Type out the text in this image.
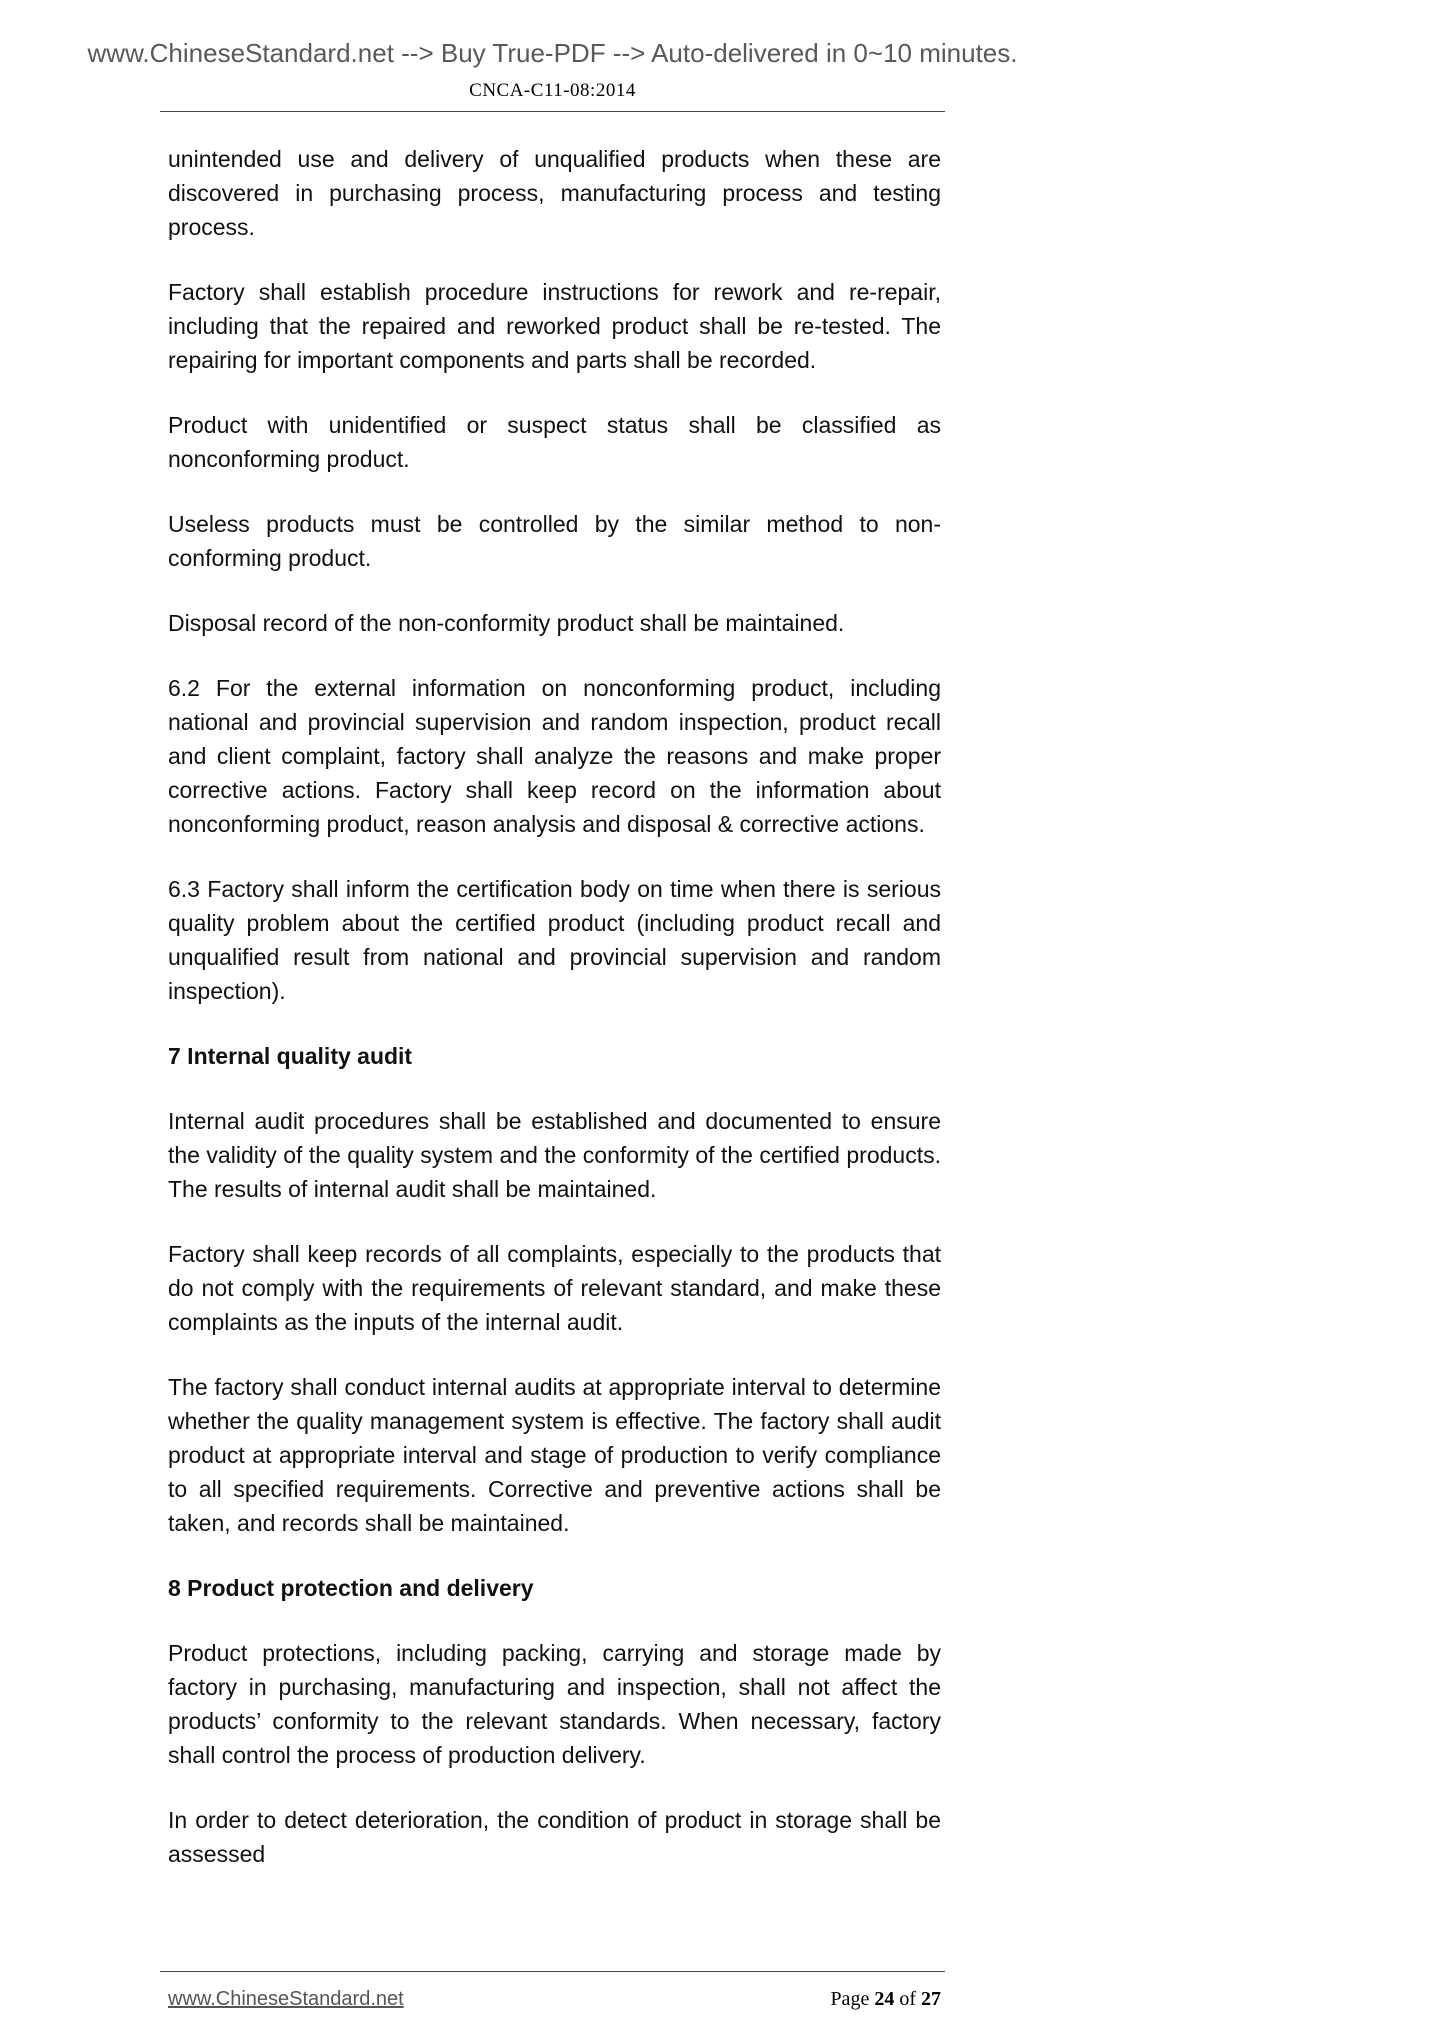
www.ChineseStandard.net --> Buy True-PDF --> Auto-delivered in 0~10 minutes.
CNCA-C11-08:2014

unintended use and delivery of unqualified products when these are discovered in purchasing process, manufacturing process and testing process.

Factory shall establish procedure instructions for rework and re-repair, including that the repaired and reworked product shall be re-tested. The repairing for important components and parts shall be recorded.

Product with unidentified or suspect status shall be classified as nonconforming product.

Useless products must be controlled by the similar method to non-conforming product.

Disposal record of the non-conformity product shall be maintained.

6.2 For the external information on nonconforming product, including national and provincial supervision and random inspection, product recall and client complaint, factory shall analyze the reasons and make proper corrective actions. Factory shall keep record on the information about nonconforming product, reason analysis and disposal & corrective actions.

6.3 Factory shall inform the certification body on time when there is serious quality problem about the certified product (including product recall and unqualified result from national and provincial supervision and random inspection).

7 Internal quality audit

Internal audit procedures shall be established and documented to ensure the validity of the quality system and the conformity of the certified products. The results of internal audit shall be maintained.

Factory shall keep records of all complaints, especially to the products that do not comply with the requirements of relevant standard, and make these complaints as the inputs of the internal audit.

The factory shall conduct internal audits at appropriate interval to determine whether the quality management system is effective. The factory shall audit product at appropriate interval and stage of production to verify compliance to all specified requirements. Corrective and preventive actions shall be taken, and records shall be maintained.

8 Product protection and delivery

Product protections, including packing, carrying and storage made by factory in purchasing, manufacturing and inspection, shall not affect the products’ conformity to the relevant standards. When necessary, factory shall control the process of production delivery.

In order to detect deterioration, the condition of product in storage shall be assessed

www.ChineseStandard.net	Page 24 of 27
